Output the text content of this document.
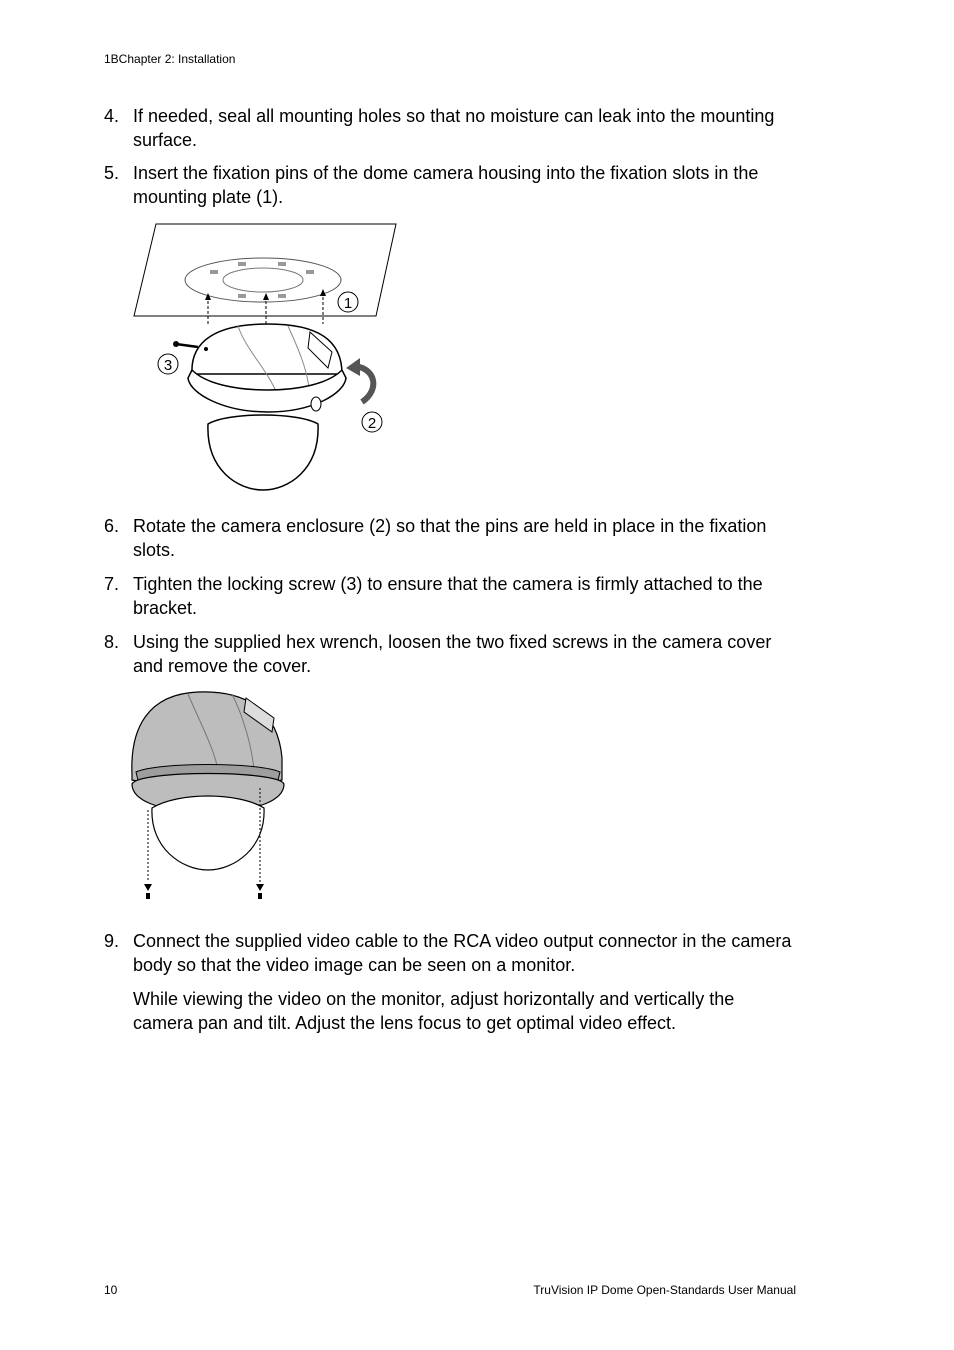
1BChapter 2: Installation
4. If needed, seal all mounting holes so that no moisture can leak into the mounting surface.
5. Insert the fixation pins of the dome camera housing into the fixation slots in the mounting plate (1).
1
3
2
6. Rotate the camera enclosure (2) so that the pins are held in place in the fixation slots.
7. Tighten the locking screw (3) to ensure that the camera is firmly attached to the bracket.
8. Using the supplied hex wrench, loosen the two fixed screws in the camera cover and remove the cover.
9. Connect the supplied video cable to the RCA video output connector in the camera body so that the video image can be seen on a monitor.
While viewing the video on the monitor, adjust horizontally and vertically the camera pan and tilt. Adjust the lens focus to get optimal video effect.
10	TruVision IP Dome Open-Standards User Manual
